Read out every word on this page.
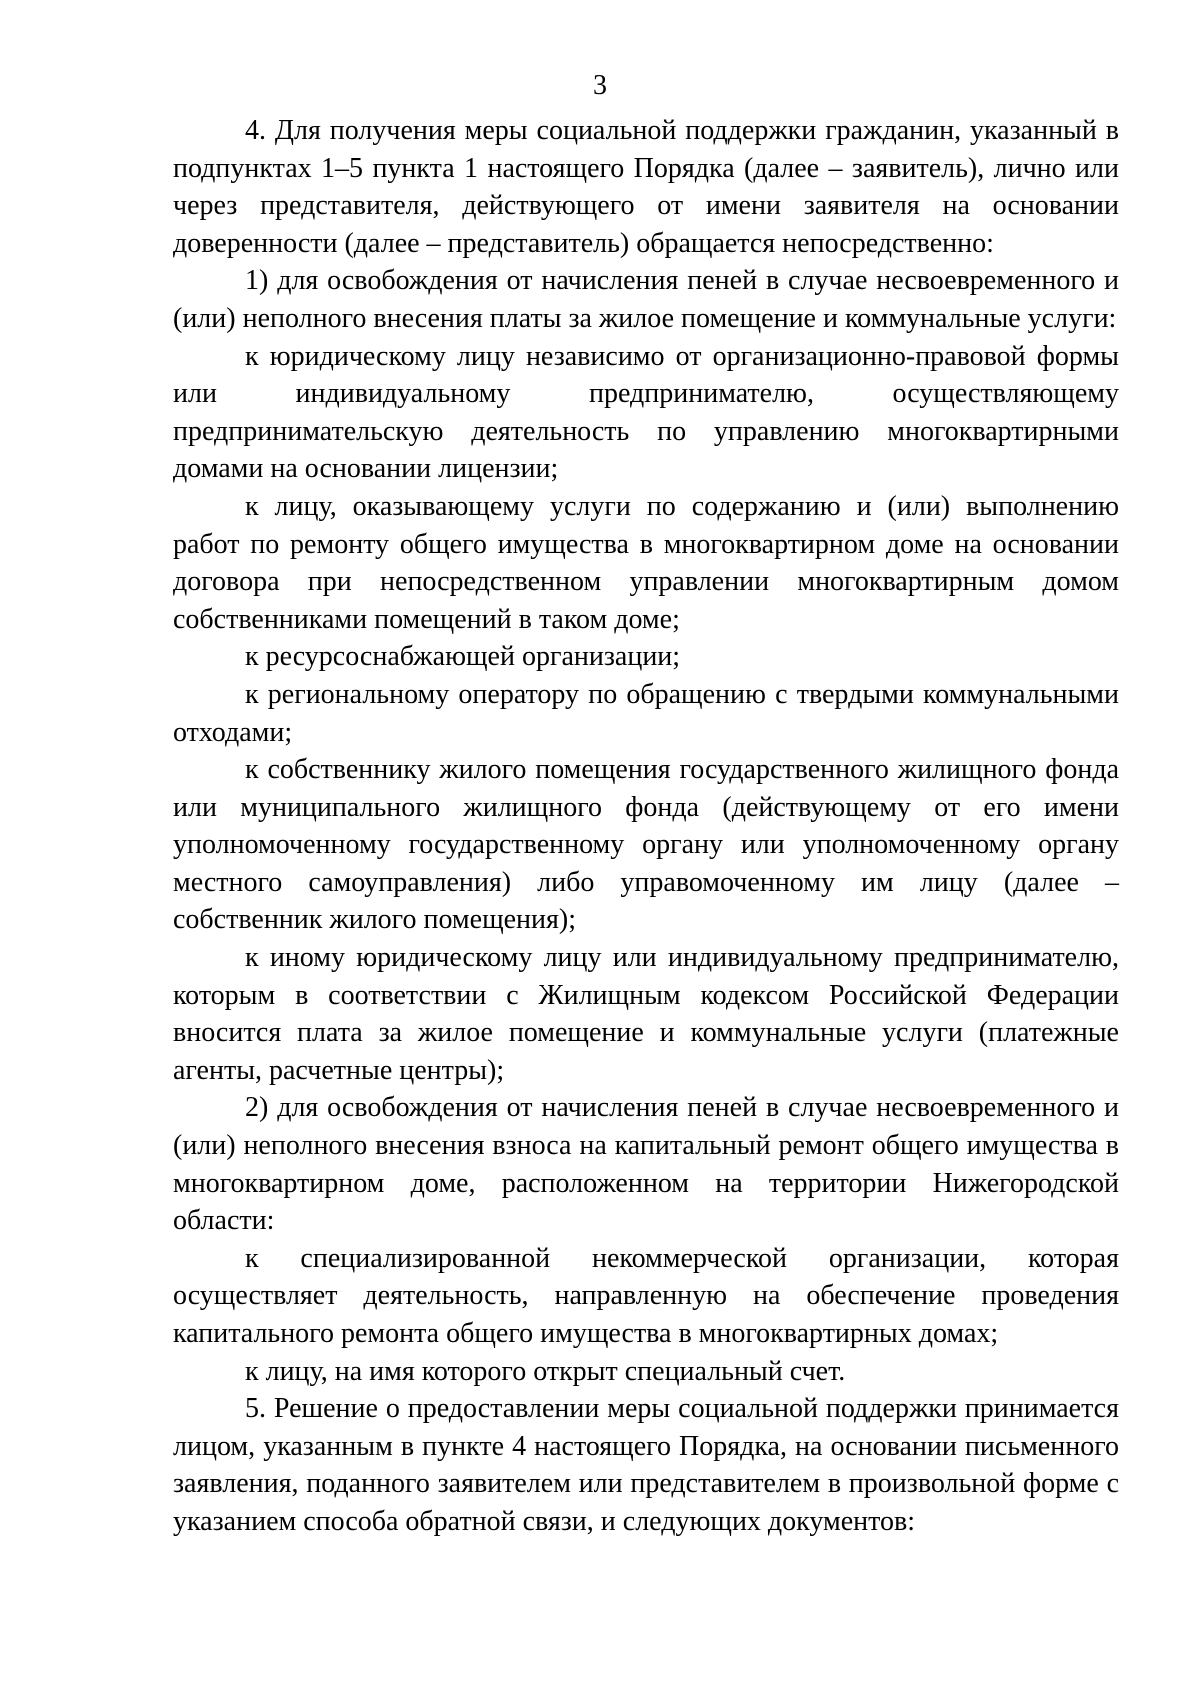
3

4. Для получения меры социальной поддержки гражданин, указанный в подпунктах 1–5 пункта 1 настоящего Порядка (далее – заявитель), лично или через представителя, действующего от имени заявителя на основании доверенности (далее – представитель) обращается непосредственно:

1) для освобождения от начисления пеней в случае несвоевременного и (или) неполного внесения платы за жилое помещение и коммунальные услуги:

к юридическому лицу независимо от организационно-правовой формы или индивидуальному предпринимателю, осуществляющему предпринимательскую деятельность по управлению многоквартирными домами на основании лицензии;

к лицу, оказывающему услуги по содержанию и (или) выполнению работ по ремонту общего имущества в многоквартирном доме на основании договора при непосредственном управлении многоквартирным домом собственниками помещений в таком доме;

к ресурсоснабжающей организации;

к региональному оператору по обращению с твердыми коммунальными отходами;

к собственнику жилого помещения государственного жилищного фонда или муниципального жилищного фонда (действующему от его имени уполномоченному государственному органу или уполномоченному органу местного самоуправления) либо управомоченному им лицу (далее – собственник жилого помещения);

к иному юридическому лицу или индивидуальному предпринимателю, которым в соответствии с Жилищным кодексом Российской Федерации вносится плата за жилое помещение и коммунальные услуги (платежные агенты, расчетные центры);

2) для освобождения от начисления пеней в случае несвоевременного и (или) неполного внесения взноса на капитальный ремонт общего имущества в многоквартирном доме, расположенном на территории Нижегородской области:

к специализированной некоммерческой организации, которая осуществляет деятельность, направленную на обеспечение проведения капитального ремонта общего имущества в многоквартирных домах;

к лицу, на имя которого открыт специальный счет.

5. Решение о предоставлении меры социальной поддержки принимается лицом, указанным в пункте 4 настоящего Порядка, на основании письменного заявления, поданного заявителем или представителем в произвольной форме с указанием способа обратной связи, и следующих документов:
